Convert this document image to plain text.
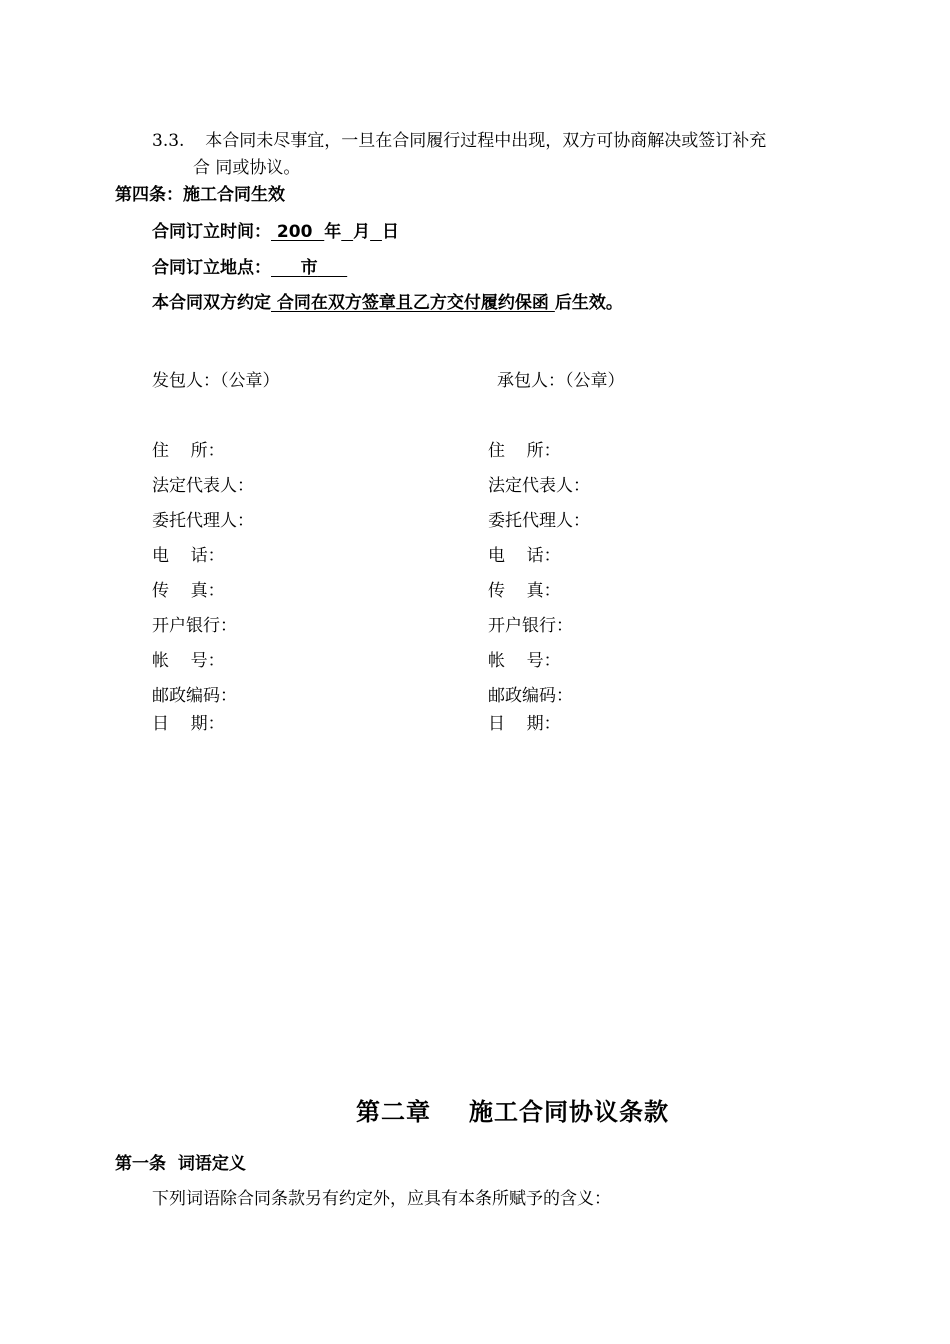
3.3. 本合同未尽事宜，一旦在合同履行过程中出现，双方可协商解决或签订补充
合 同或协议。
第四条：施工合同生效
合同订立时间： 200  年 月 日
合同订立地点： 市
本合同双方约定 合同在双方签章且乙方交付履约保函 后生效。
发包人：（公章）	承包人：（公章）
住    所：
法定代表人：
委托代理人：
电    话：
传    真：
开户银行：
帐    号：
邮政编码：
日    期：
住    所：
法定代表人：
委托代理人：
电    话：
传    真：
开户银行：
帐    号：
邮政编码：
日    期：
第二章 施工合同协议条款
第一条  词语定义
下列词语除合同条款另有约定外，应具有本条所赋予的含义：
